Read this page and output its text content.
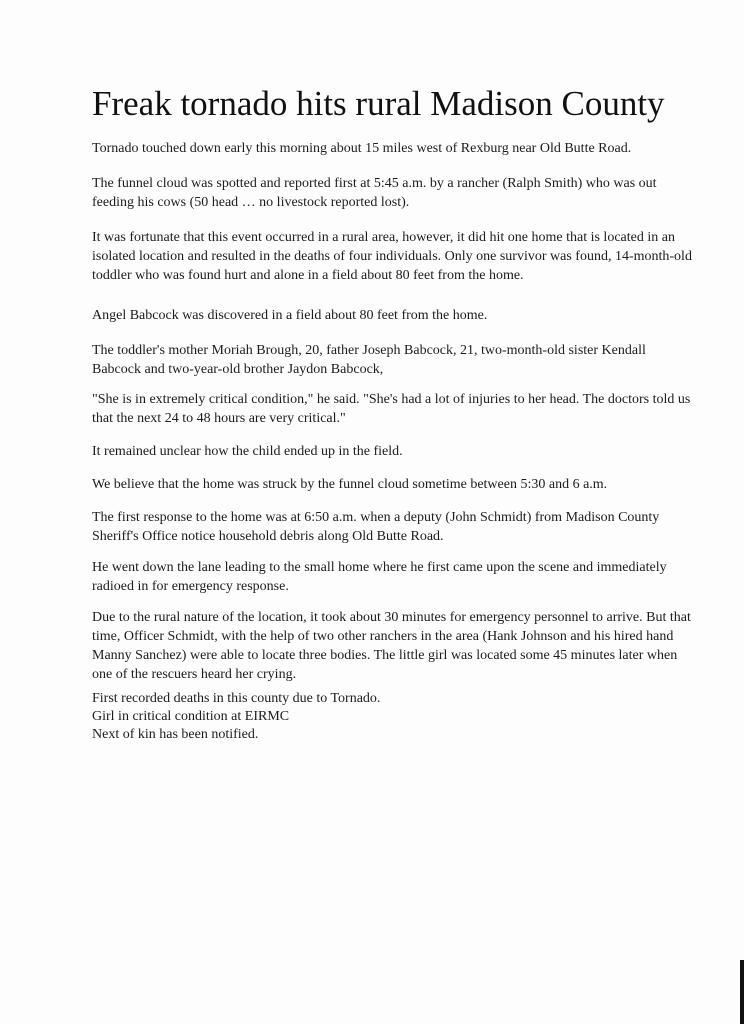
Freak tornado hits rural Madison County

Tornado touched down early this morning about 15 miles west of Rexburg near Old Butte Road.

The funnel cloud was spotted and reported first at 5:45 a.m. by a rancher (Ralph Smith) who was out feeding his cows (50 head … no livestock reported lost).

It was fortunate that this event occurred in a rural area, however, it did hit one home that is located in an isolated location and resulted in the deaths of four individuals. Only one survivor was found, 14-month-old toddler who was found hurt and alone in a field about 80 feet from the home.

Angel Babcock was discovered in a field about 80 feet from the home.

The toddler's mother Moriah Brough, 20, father Joseph Babcock, 21, two-month-old sister Kendall Babcock and two-year-old brother Jaydon Babcock,

"She is in extremely critical condition," he said. "She's had a lot of injuries to her head. The doctors told us that the next 24 to 48 hours are very critical."

It remained unclear how the child ended up in the field.

We believe that the home was struck by the funnel cloud sometime between 5:30 and 6 a.m.

The first response to the home was at 6:50 a.m. when a deputy (John Schmidt) from Madison County Sheriff's Office notice household debris along Old Butte Road.

He went down the lane leading to the small home where he first came upon the scene and immediately radioed in for emergency response.

Due to the rural nature of the location, it took about 30 minutes for emergency personnel to arrive. But that time, Officer Schmidt, with the help of two other ranchers in the area (Hank Johnson and his hired hand Manny Sanchez) were able to locate three bodies. The little girl was located some 45 minutes later when one of the rescuers heard her crying.

First recorded deaths in this county due to Tornado.
Girl in critical condition at EIRMC
Next of kin has been notified.
